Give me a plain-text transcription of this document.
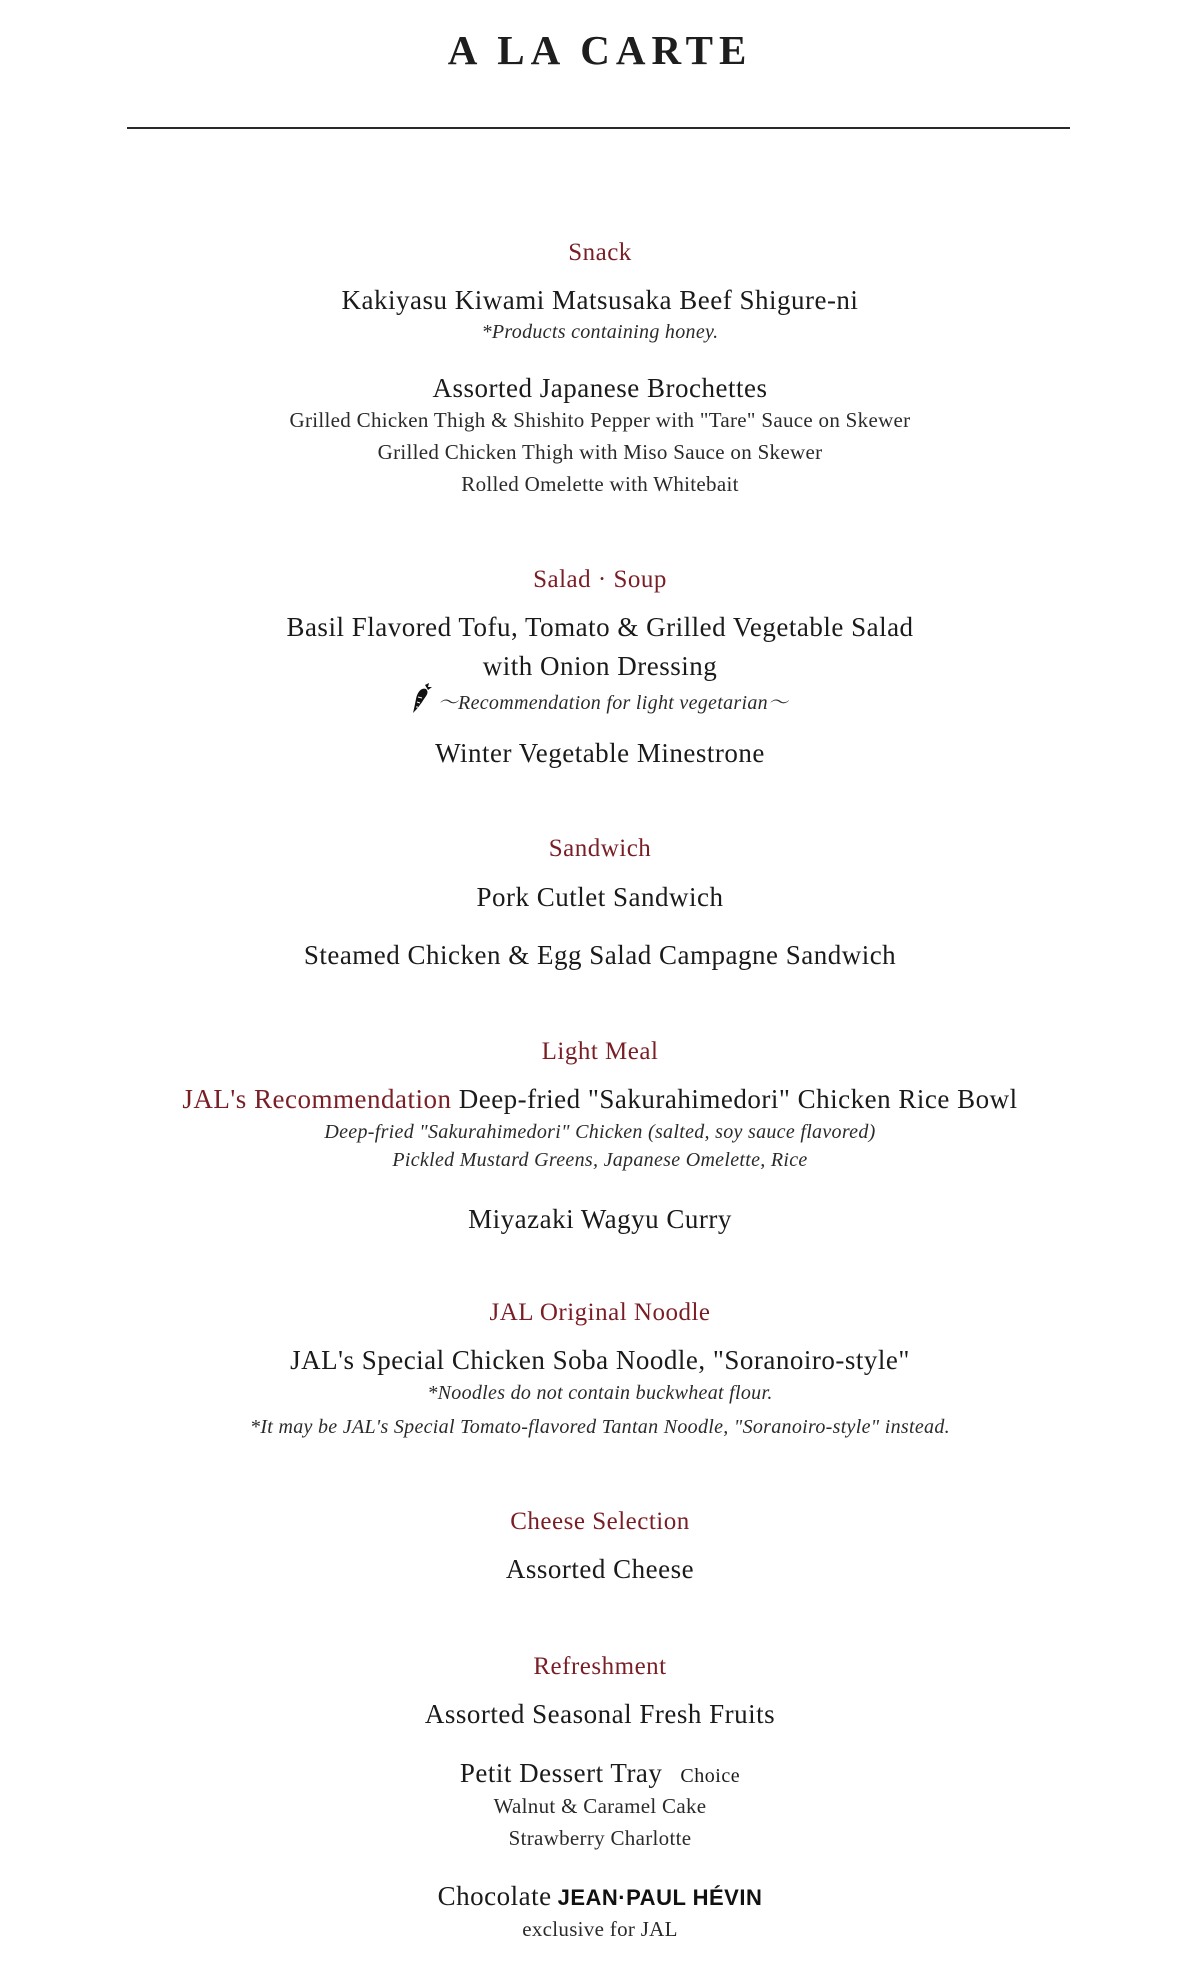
A LA CARTE
Snack
Kakiyasu Kiwami Matsusaka Beef Shigure-ni
*Products containing honey.
Assorted Japanese Brochettes
Grilled Chicken Thigh & Shishito Pepper with "Tare" Sauce on Skewer
Grilled Chicken Thigh with Miso Sauce on Skewer
Rolled Omelette with Whitebait
Salad · Soup
Basil Flavored Tofu, Tomato & Grilled Vegetable Salad
with Onion Dressing
～Recommendation for light vegetarian～
Winter Vegetable Minestrone
Sandwich
Pork Cutlet Sandwich
Steamed Chicken & Egg Salad Campagne Sandwich
Light Meal
JAL's Recommendation Deep-fried "Sakurahimedori" Chicken Rice Bowl
Deep-fried "Sakurahimedori" Chicken (salted, soy sauce flavored)
Pickled Mustard Greens, Japanese Omelette, Rice
Miyazaki Wagyu Curry
JAL Original Noodle
JAL's Special Chicken Soba Noodle, "Soranoiro-style"
*Noodles do not contain buckwheat flour.
*It may be JAL's Special Tomato-flavored Tantan Noodle, "Soranoiro-style" instead.
Cheese Selection
Assorted Cheese
Refreshment
Assorted Seasonal Fresh Fruits
Petit Dessert Tray Choice
Walnut & Caramel Cake
Strawberry Charlotte
Chocolate JEAN·PAUL HÉVIN
exclusive for JAL
